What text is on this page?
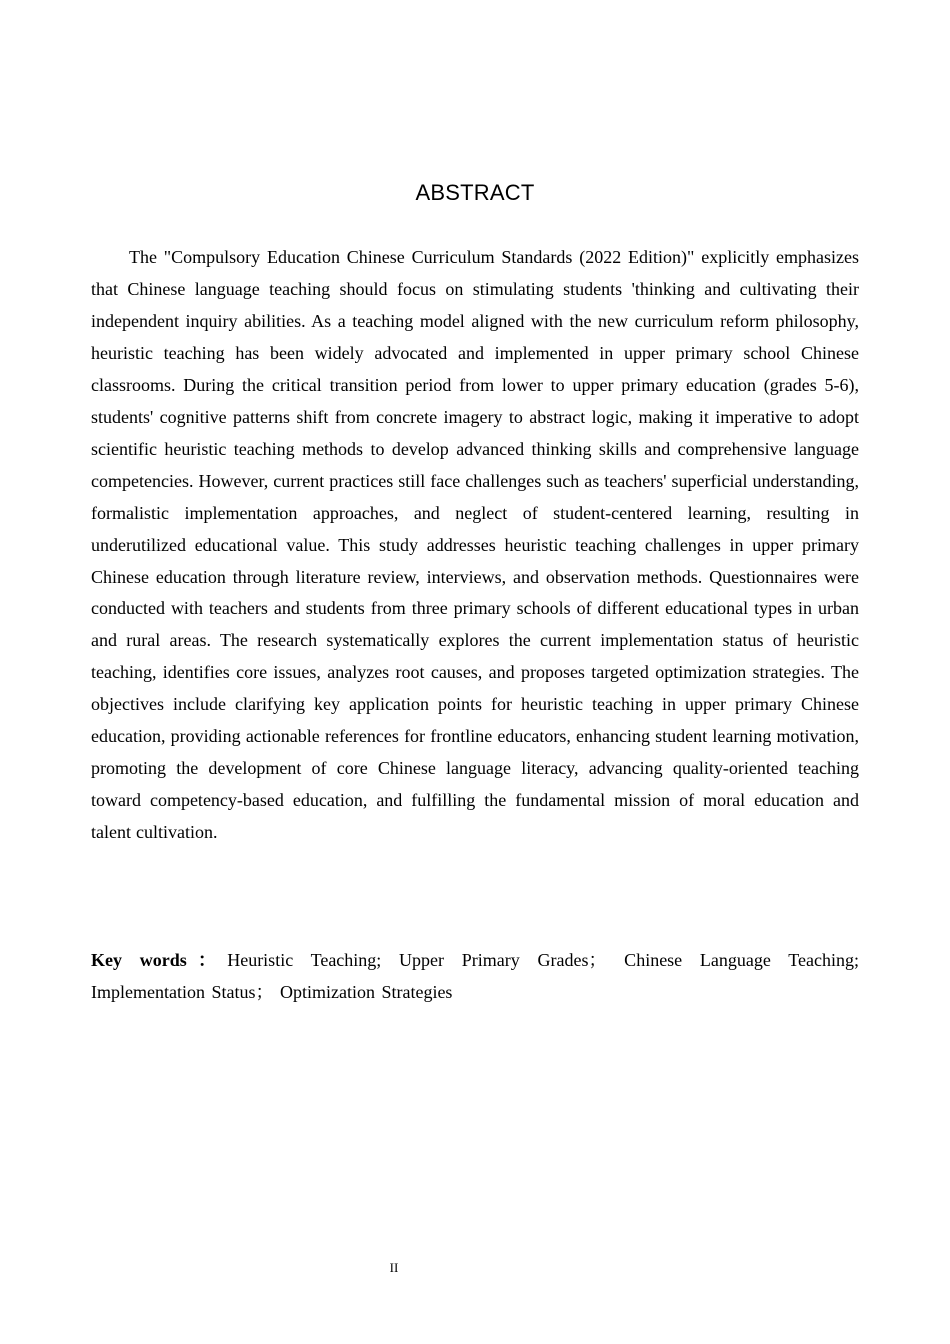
ABSTRACT

The "Compulsory Education Chinese Curriculum Standards (2022 Edition)" explicitly emphasizes that Chinese language teaching should focus on stimulating students 'thinking and cultivating their independent inquiry abilities. As a teaching model aligned with the new curriculum reform philosophy, heuristic teaching has been widely advocated and implemented in upper primary school Chinese classrooms. During the critical transition period from lower to upper primary education (grades 5-6), students' cognitive patterns shift from concrete imagery to abstract logic, making it imperative to adopt scientific heuristic teaching methods to develop advanced thinking skills and comprehensive language competencies. However, current practices still face challenges such as teachers' superficial understanding, formalistic implementation approaches, and neglect of student-centered learning, resulting in underutilized educational value. This study addresses heuristic teaching challenges in upper primary Chinese education through literature review, interviews, and observation methods. Questionnaires were conducted with teachers and students from three primary schools of different educational types in urban and rural areas. The research systematically explores the current implementation status of heuristic teaching, identifies core issues, analyzes root causes, and proposes targeted optimization strategies. The objectives include clarifying key application points for heuristic teaching in upper primary Chinese education, providing actionable references for frontline educators, enhancing student learning motivation, promoting the development of core Chinese language literacy, advancing quality-oriented teaching toward competency-based education, and fulfilling the fundamental mission of moral education and talent cultivation.

Key words：Heuristic Teaching; Upper Primary Grades； Chinese Language Teaching; Implementation Status； Optimization Strategies

II
